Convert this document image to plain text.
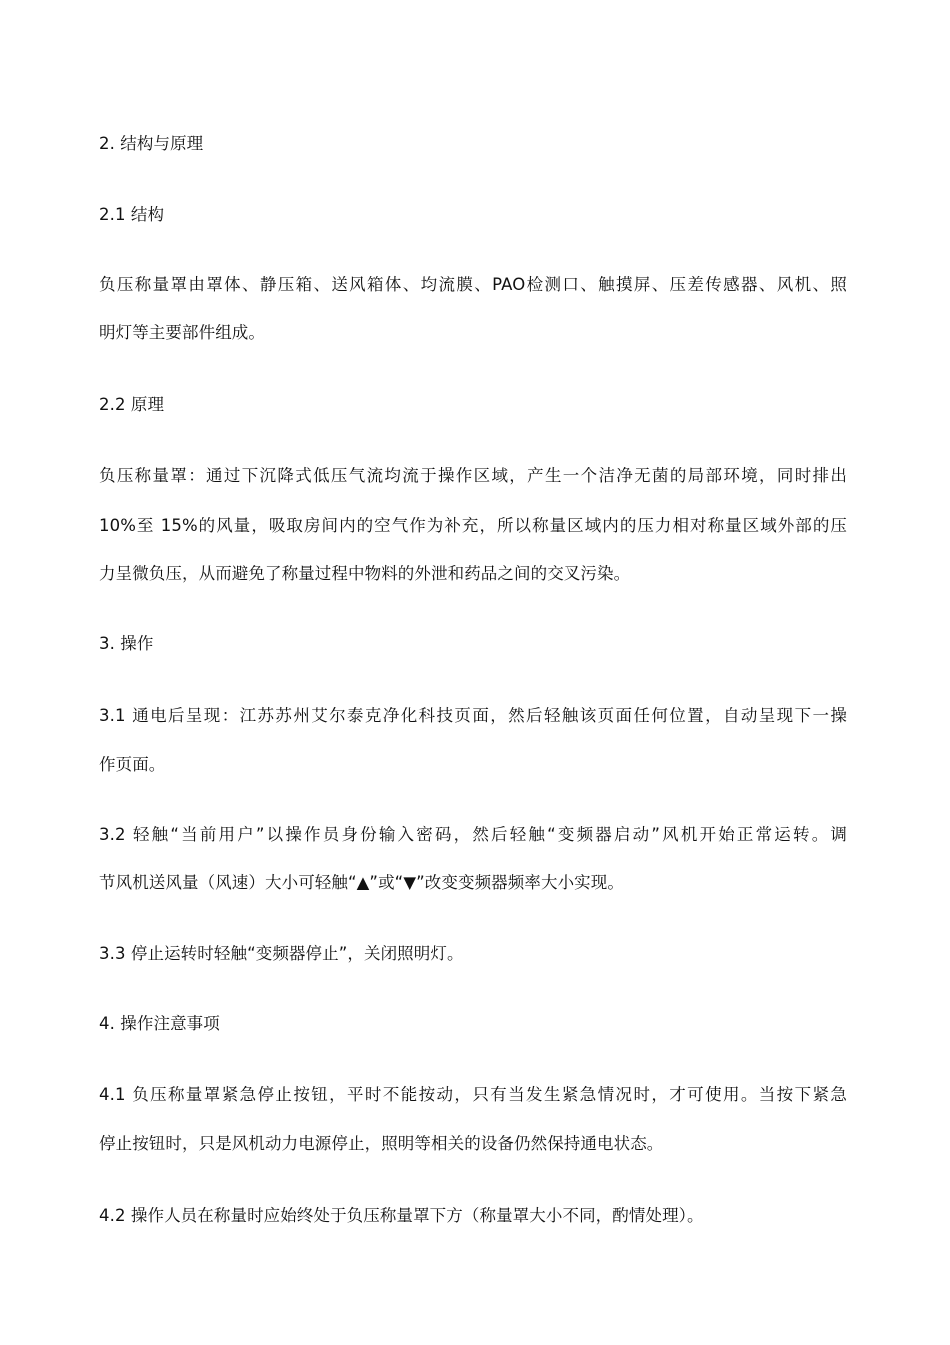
2. 结构与原理
2.1 结构
负压称量罩由罩体、静压箱、送风箱体、均流膜、PAO检测口、触摸屏、压差传感器、风机、照
明灯等主要部件组成。
2.2 原理
负压称量罩：通过下沉降式低压气流均流于操作区域，产生一个洁净无菌的局部环境，同时排出
10%至 15%的风量，吸取房间内的空气作为补充，所以称量区域内的压力相对称量区域外部的压
力呈微负压，从而避免了称量过程中物料的外泄和药品之间的交叉污染。
3. 操作
3.1 通电后呈现：江苏苏州艾尔泰克净化科技页面，然后轻触该页面任何位置，自动呈现下一操
作页面。
3.2 轻触“当前用户”以操作员身份输入密码，然后轻触“变频器启动”风机开始正常运转。调
节风机送风量（风速）大小可轻触“▲”或“▼”改变变频器频率大小实现。
3.3 停止运转时轻触“变频器停止”，关闭照明灯。
4. 操作注意事项
4.1 负压称量罩紧急停止按钮，平时不能按动，只有当发生紧急情况时，才可使用。当按下紧急
停止按钮时，只是风机动力电源停止，照明等相关的设备仍然保持通电状态。
4.2 操作人员在称量时应始终处于负压称量罩下方（称量罩大小不同，酌情处理）。
